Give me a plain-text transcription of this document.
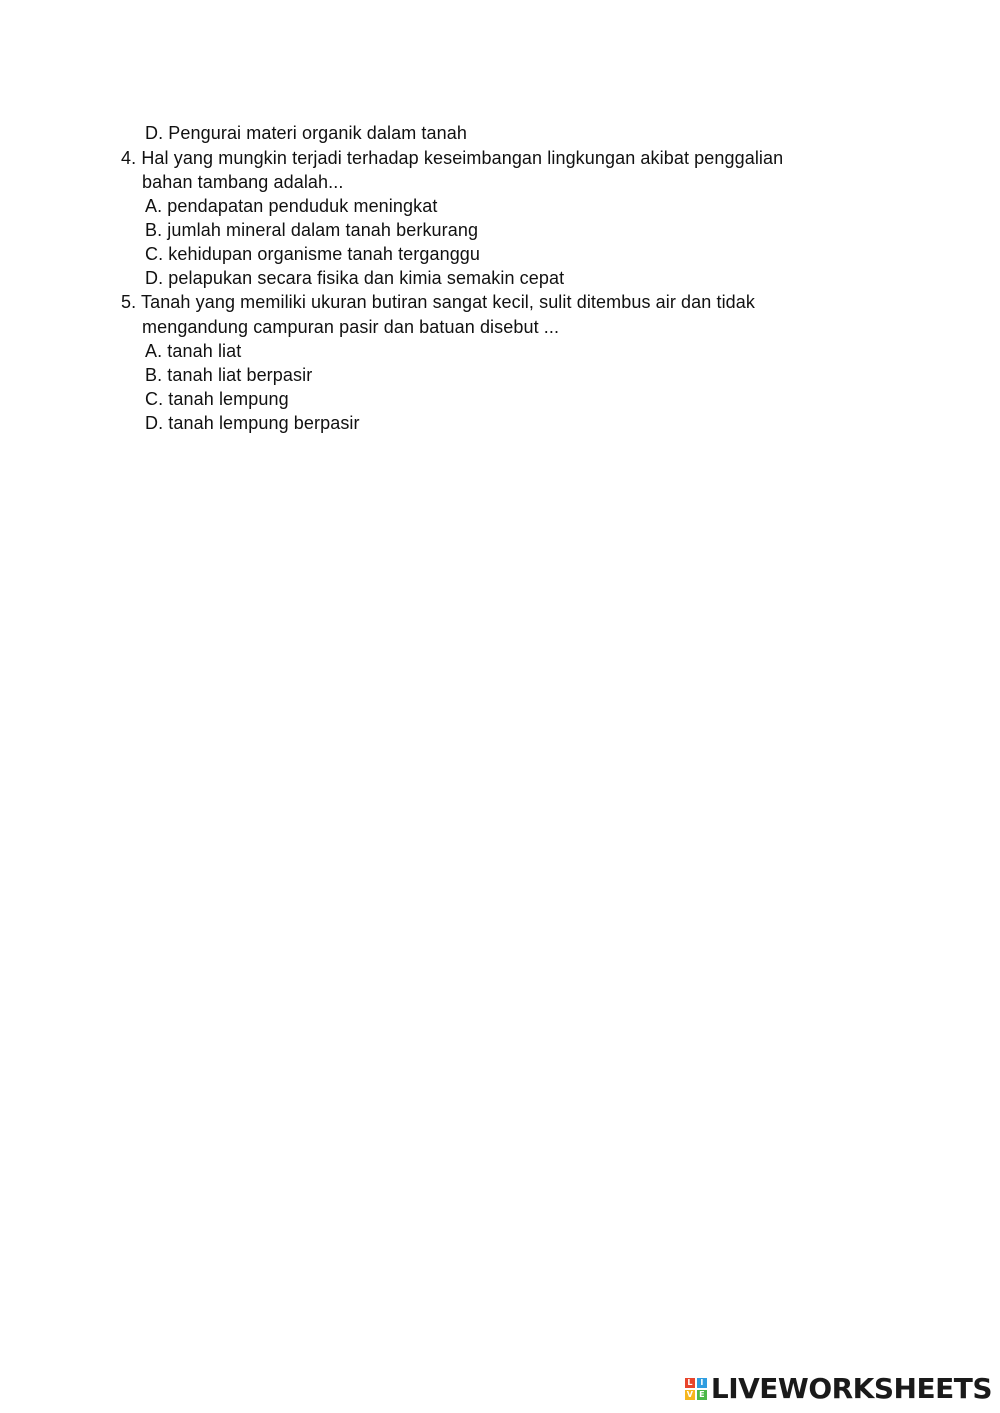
D. Pengurai materi organik dalam tanah
4. Hal yang mungkin terjadi terhadap keseimbangan lingkungan akibat penggalian
bahan tambang adalah...
A. pendapatan penduduk meningkat
B. jumlah mineral dalam tanah berkurang
C. kehidupan organisme tanah terganggu
D. pelapukan secara fisika dan kimia semakin cepat
5. Tanah yang memiliki ukuran butiran sangat kecil, sulit ditembus air dan tidak
mengandung campuran pasir dan batuan disebut ...
A. tanah liat
B. tanah liat berpasir
C. tanah lempung
D. tanah lempung berpasir
L I
V E LIVEWORKSHEETS
